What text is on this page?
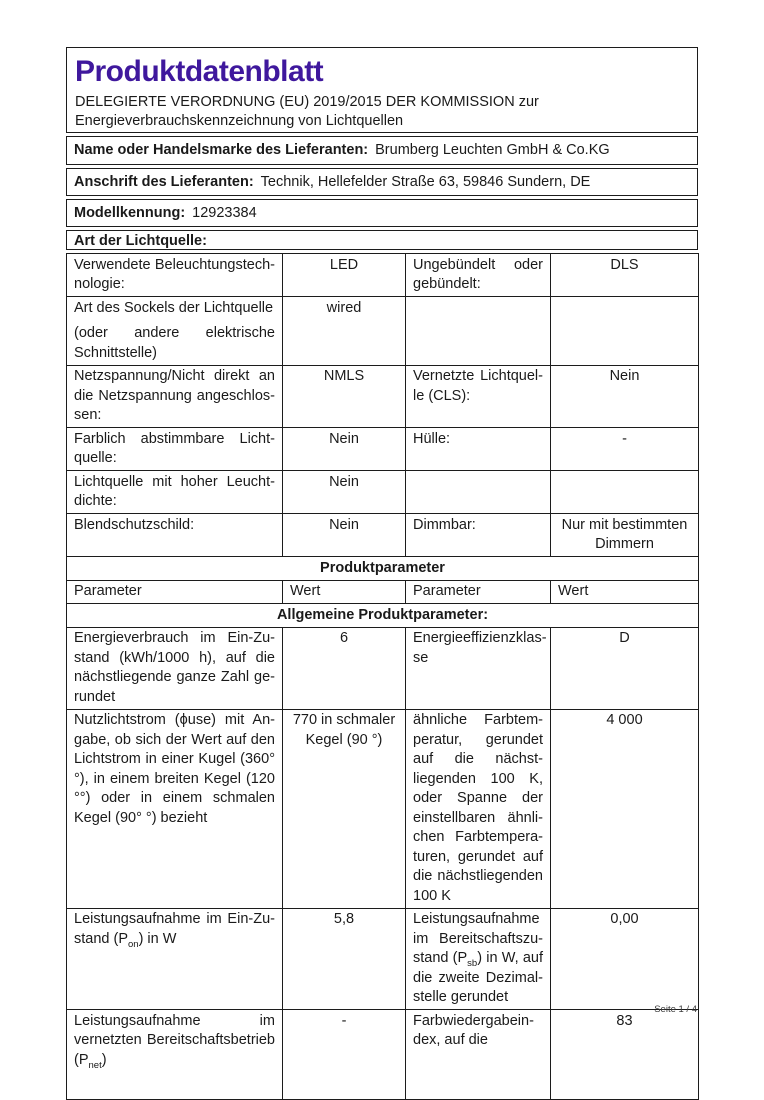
Produktdatenblatt
DELEGIERTE VERORDNUNG (EU) 2019/2015 DER KOMMISSION zur
Energieverbrauchskennzeichnung von Lichtquellen
Name oder Handelsmarke des Lieferanten: Brumberg Leuchten GmbH & Co.KG
Anschrift des Lieferanten: Technik, Hellefelder Straße 63, 59846 Sundern, DE
Modellkennung: 12923384
Art der Lichtquelle:
Verwendete Beleuchtungstechnologie:	LED	Ungebündelt oder gebündelt:	DLS

Art des Sockels der Lichtquelle

(oder andere elektrische Schnittstelle)	wired		
Netzspannung/Nicht direkt an die Netzspannung angeschlossen:	NMLS	Vernetzte Lichtquelle (CLS):	Nein
Farblich abstimmbare Lichtquelle:	Nein	Hülle:	-
Lichtquelle mit hoher Leuchtdichte:	Nein		
Blendschutzschild:	Nein	Dimmbar:	Nur mit bestimmten Dimmern
Produktparameter			
Parameter	Wert	Parameter	Wert
Allgemeine Produktparameter:			
Energieverbrauch im Ein-Zustand (kWh/1000 h), auf die nächstliegende ganze Zahl gerundet	6	Energieeffizienzklasse	D
Nutzlichtstrom (ϕuse) mit Angabe, ob sich der Wert auf den Lichtstrom in einer Kugel (360° °), in einem breiten Kegel (120 °°) oder in einem schmalen Kegel (90° °) bezieht	770 in schmaler Kegel (90 °)	ähnliche Farbtemperatur, gerundet auf die nächstliegenden 100 K, oder Spanne der einstellbaren ähnlichen Farbtemperaturen, gerundet auf die nächstliegenden 100 K	4 000
Leistungsaufnahme im Ein-Zustand $(P_{on})$ in W	5,8	Leistungsaufnahme im Bereitschaftszustand $(P_{sb})$ in W, auf die zweite Dezimalstelle gerundet	0,00
Leistungsaufnahme im vernetzten Bereitschaftsbetrieb $(P_{net})$	-	Farbwiedergabeindex, auf die	83
Seite 1 / 4
